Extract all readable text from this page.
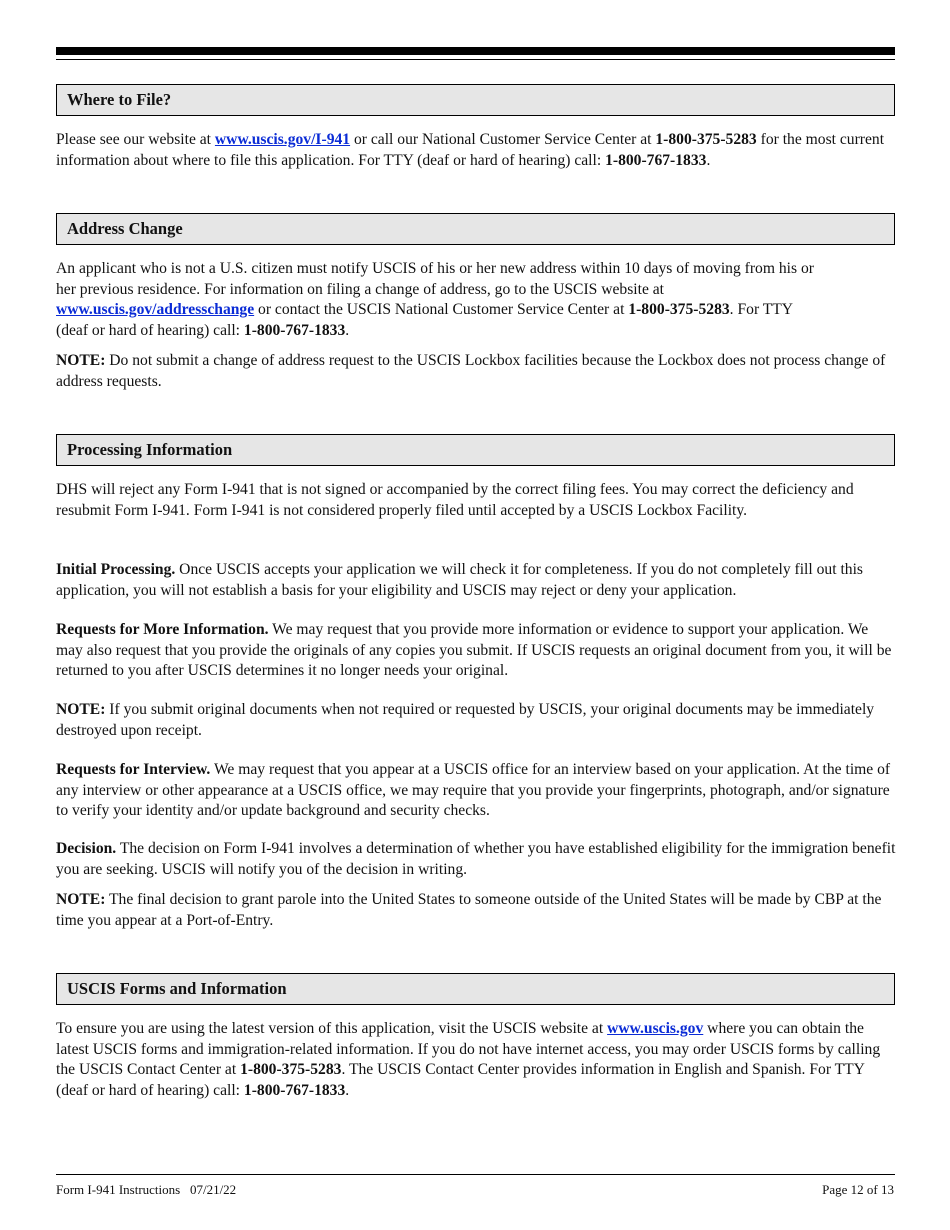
Where to File?

Please see our website at www.uscis.gov/I-941 or call our National Customer Service Center at 1-800-375-5283 for the most current information about where to file this application. For TTY (deaf or hard of hearing) call: 1-800-767-1833.

Address Change

An applicant who is not a U.S. citizen must notify USCIS of his or her new address within 10 days of moving from his or her previous residence. For information on filing a change of address, go to the USCIS website at www.uscis.gov/addresschange or contact the USCIS National Customer Service Center at 1-800-375-5283. For TTY (deaf or hard of hearing) call: 1-800-767-1833.

NOTE: Do not submit a change of address request to the USCIS Lockbox facilities because the Lockbox does not process change of address requests.

Processing Information

DHS will reject any Form I-941 that is not signed or accompanied by the correct filing fees. You may correct the deficiency and resubmit Form I-941. Form I-941 is not considered properly filed until accepted by a USCIS Lockbox Facility.

Initial Processing. Once USCIS accepts your application we will check it for completeness. If you do not completely fill out this application, you will not establish a basis for your eligibility and USCIS may reject or deny your application.

Requests for More Information. We may request that you provide more information or evidence to support your application. We may also request that you provide the originals of any copies you submit. If USCIS requests an original document from you, it will be returned to you after USCIS determines it no longer needs your original.

NOTE: If you submit original documents when not required or requested by USCIS, your original documents may be immediately destroyed upon receipt.

Requests for Interview. We may request that you appear at a USCIS office for an interview based on your application. At the time of any interview or other appearance at a USCIS office, we may require that you provide your fingerprints, photograph, and/or signature to verify your identity and/or update background and security checks.

Decision. The decision on Form I-941 involves a determination of whether you have established eligibility for the immigration benefit you are seeking. USCIS will notify you of the decision in writing.

NOTE: The final decision to grant parole into the United States to someone outside of the United States will be made by CBP at the time you appear at a Port-of-Entry.

USCIS Forms and Information

To ensure you are using the latest version of this application, visit the USCIS website at www.uscis.gov where you can obtain the latest USCIS forms and immigration-related information. If you do not have internet access, you may order USCIS forms by calling the USCIS Contact Center at 1-800-375-5283. The USCIS Contact Center provides information in English and Spanish. For TTY (deaf or hard of hearing) call: 1-800-767-1833.

Form I-941 Instructions   07/21/22	Page 12 of 13
